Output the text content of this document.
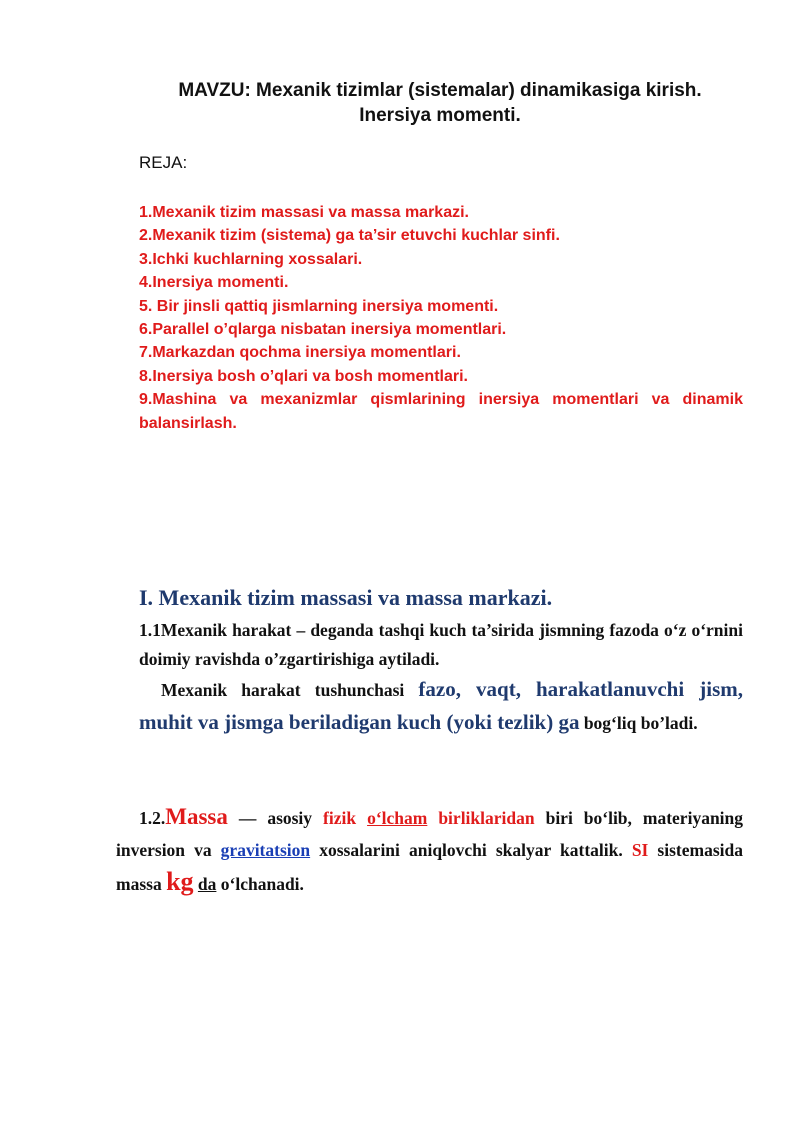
MAVZU: Mexanik tizimlar (sistemalar) dinamikasiga kirish.
Inersiya momenti.
REJA:
1.Mexanik tizim massasi va massa markazi.
2.Mexanik tizim (sistema) ga ta’sir etuvchi kuchlar sinfi.
3.Ichki kuchlarning xossalari.
4.Inersiya momenti.
5. Bir jinsli qattiq jismlarning inersiya momenti.
6.Parallel o’qlarga nisbatan inersiya momentlari.
7.Markazdan qochma inersiya momentlari.
8.Inersiya bosh o’qlari va bosh momentlari.
9.Mashina va mexanizmlar qismlarining inersiya momentlari va dinamik balansirlash.
I. Mexanik tizim massasi va massa markazi.

1.1Mexanik harakat – deganda tashqi kuch ta’sirida jismning fazoda o‘z o‘rnini doimiy ravishda o’zgartirishiga aytiladi.

Mexanik harakat tushunchasi fazo, vaqt, harakatlanuvchi jism, muhit va jismga beriladigan kuch (yoki tezlik) ga bog‘liq bo’ladi.

1.2.Massa — asosiy fizik o‘lcham birliklaridan biri bo‘lib, materiyaning inversion va gravitatsion xossalarini aniqlovchi skalyar kattalik. SI sistemasida massa kg da o‘lchanadi.
